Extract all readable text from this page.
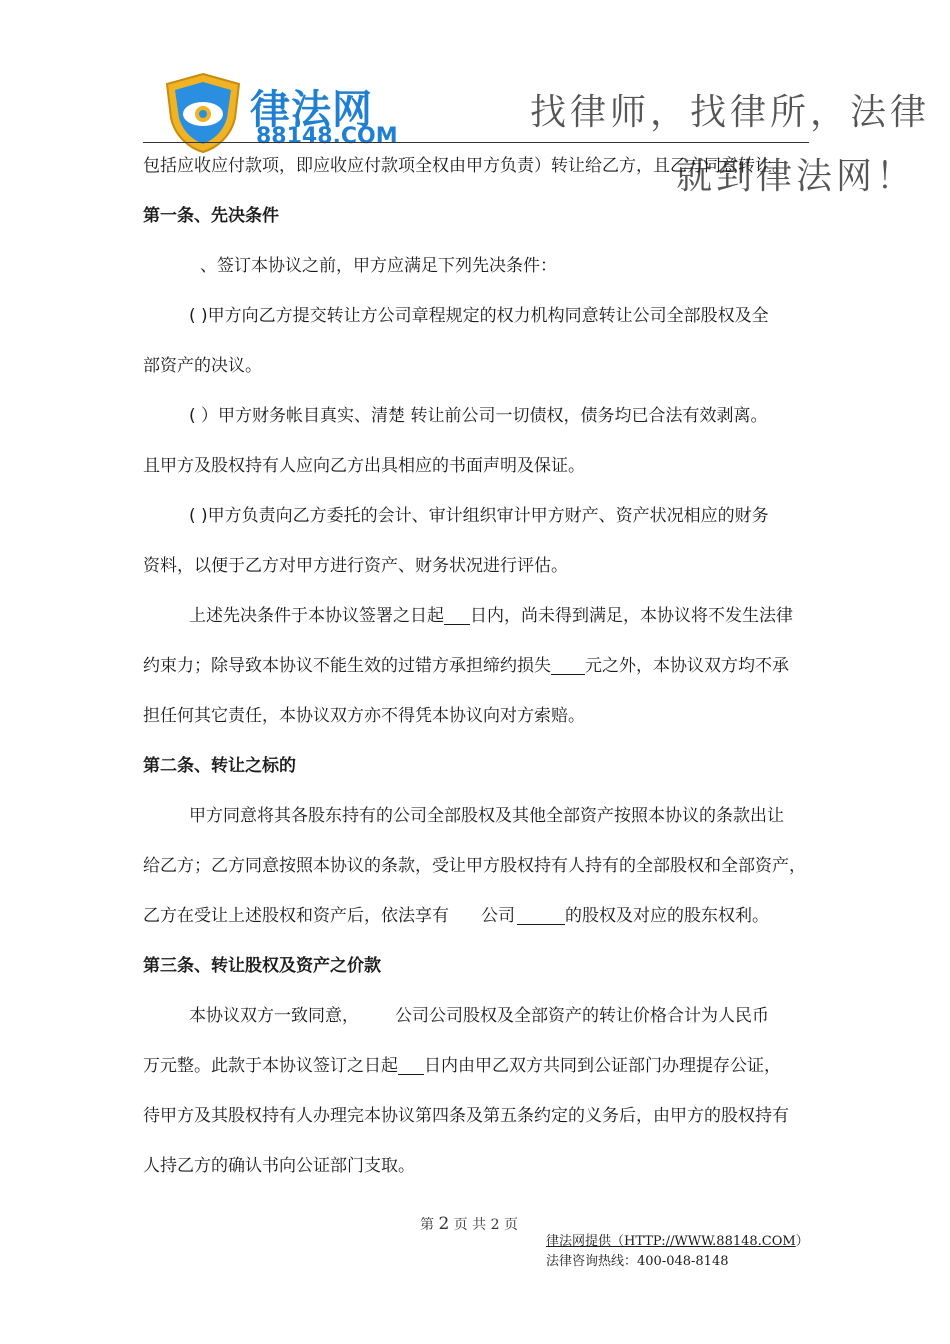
律法网
88148.COM
找律师，找律所，法律
就到律法网！
包括应收应付款项，即应收应付款项全权由甲方负责）转让给乙方，且乙方同意转让。
第一条、先决条件
、签订本协议之前，甲方应满足下列先决条件：
( )甲方向乙方提交转让方公司章程规定的权力机构同意转让公司全部股权及全
部资产的决议。
( ）甲方财务帐目真实、清楚 转让前公司一切债权，债务均已合法有效剥离。
且甲方及股权持有人应向乙方出具相应的书面声明及保证。
( )甲方负责向乙方委托的会计、审计组织审计甲方财产、资产状况相应的财务
资料，以便于乙方对甲方进行资产、财务状况进行评估。
上述先决条件于本协议签署之日起 日内，尚未得到满足，本协议将不发生法律
约束力；除导致本协议不能生效的过错方承担缔约损失 元之外，本协议双方均不承
担任何其它责任，本协议双方亦不得凭本协议向对方索赔。
第二条、转让之标的
甲方同意将其各股东持有的公司全部股权及其他全部资产按照本协议的条款出让
给乙方；乙方同意按照本协议的条款，受让甲方股权持有人持有的全部股权和全部资产，
乙方在受让上述股权和资产后，依法享有 公司	的股权及对应的股东权利。
第三条、转让股权及资产之价款
本协议双方一致同意， 公司公司股权及全部资产的转让价格合计为人民币
万元整。此款于本协议签订之日起 日内由甲乙双方共同到公证部门办理提存公证，
待甲方及其股权持有人办理完本协议第四条及第五条约定的义务后，由甲方的股权持有
人持乙方的确认书向公证部门支取。
第 2 页 共 2 页
律法网提供（HTTP://WWW.88148.COM）
法律咨询热线：400-048-8148
